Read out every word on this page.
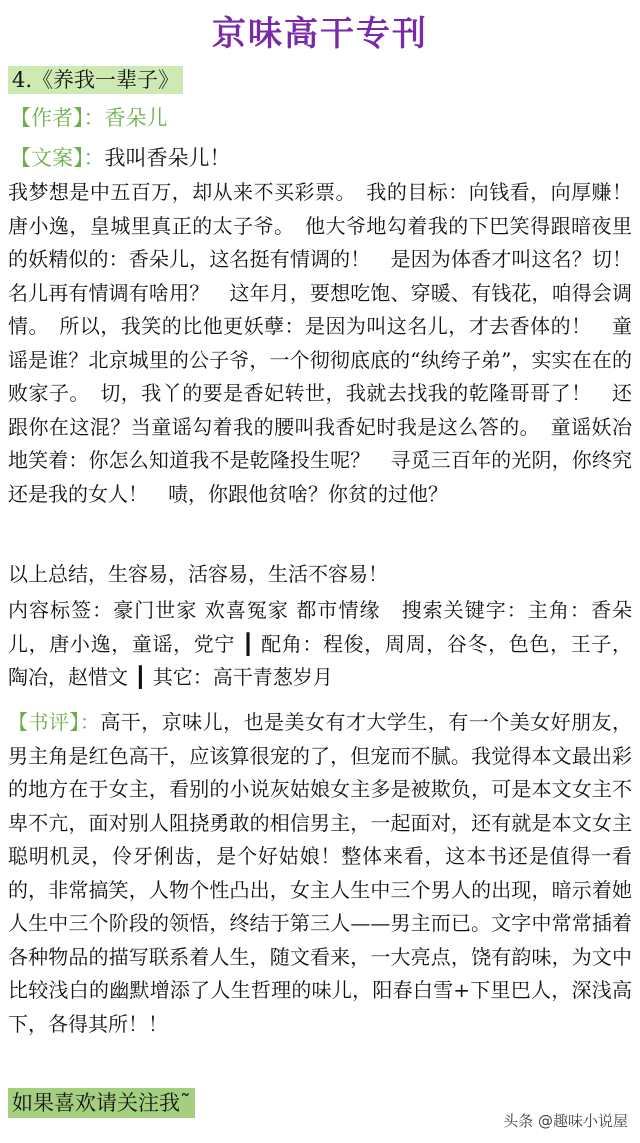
京味高干专刊
4.《养我一辈子》
【作者】：香朵儿
【文案】：我叫香朵儿！

我梦想是中五百万，却从来不买彩票。　我的目标：向钱看，向厚赚！唐小逸，皇城里真正的太子爷。　他大爷地勾着我的下巴笑得跟暗夜里的妖精似的：香朵儿，这名挺有情调的！　是因为体香才叫这名？切！名儿再有情调有啥用？　这年月，要想吃饱、穿暖、有钱花，咱得会调情。　所以，我笑的比他更妖孽：是因为叫这名儿，才去香体的！　童谣是谁？北京城里的公子爷，一个彻彻底底的“纨绔子弟”，实实在在的败家子。　切，我丫的要是香妃转世，我就去找我的乾隆哥哥了！　还跟你在这混？当童谣勾着我的腰叫我香妃时我是这么答的。　童谣妖冶地笑着：你怎么知道我不是乾隆投生呢？　寻觅三百年的光阴，你终究还是我的女人！　啧，你跟他贫啥？你贫的过他？

以上总结，生容易，活容易，生活不容易！

内容标签：豪门世家 欢喜冤家 都市情缘　搜索关键字：主角：香朵儿，唐小逸，童谣，党宁 ┃ 配角：程俊，周周，谷冬，色色，王子，陶冶，赵惜文 ┃ 其它：高干青葱岁月

【书评】：高干，京味儿，也是美女有才大学生，有一个美女好朋友，男主角是红色高干，应该算很宠的了，但宠而不腻。我觉得本文最出彩的地方在于女主，看别的小说灰姑娘女主多是被欺负，可是本文女主不卑不亢，面对别人阻挠勇敢的相信男主，一起面对，还有就是本文女主聪明机灵，伶牙俐齿，是个好姑娘！整体来看，这本书还是值得一看的，非常搞笑，人物个性凸出，女主人生中三个男人的出现，暗示着她人生中三个阶段的领悟，终结于第三人——男主而已。文字中常常插着各种物品的描写联系着人生，随文看来，一大亮点，饶有韵味，为文中比较浅白的幽默增添了人生哲理的味儿，阳春白雪+下里巴人，深浅高下，各得其所！！

如果喜欢请关注我˜
头条 @趣味小说屋
